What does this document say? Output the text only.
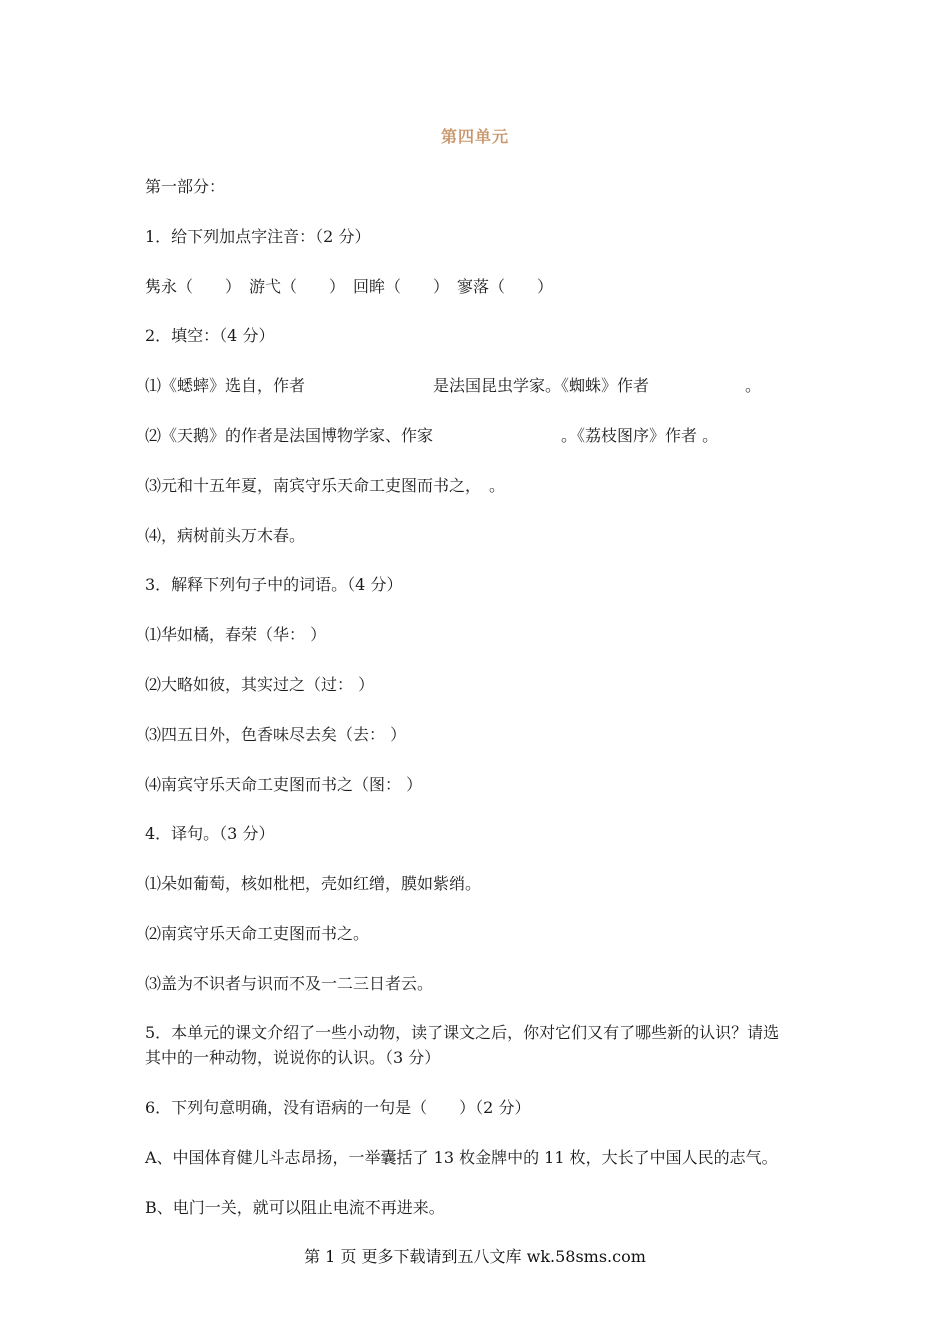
第四单元
第一部分：
1．给下列加点字注音：（2 分）
隽永（　　）　游弋（　　）　回眸（　　）　寥落（　　）
2．填空：（4 分）
⑴《蟋蟀》选自，作者　　　　　　　　是法国昆虫学家。《蜘蛛》作者　　　　　　。
⑵《天鹅》的作者是法国博物学家、作家　　　　　　　　。《荔枝图序》作者 。
⑶元和十五年夏，南宾守乐天命工吏图而书之，　。
⑷，病树前头万木春。
3．解释下列句子中的词语。（4 分）
⑴华如橘，春荣（华： ）
⑵大略如彼，其实过之（过： ）
⑶四五日外，色香味尽去矣（去： ）
⑷南宾守乐天命工吏图而书之（图： ）
4．译句。（3 分）
⑴朵如葡萄，核如枇杷，壳如红缯，膜如紫绡。
⑵南宾守乐天命工吏图而书之。
⑶盖为不识者与识而不及一二三日者云。
5．本单元的课文介绍了一些小动物，读了课文之后，你对它们又有了哪些新的认识？请选
其中的一种动物，说说你的认识。（3 分）
6．下列句意明确，没有语病的一句是（　　）（2 分）
A、中国体育健儿斗志昂扬，一举囊括了 13 枚金牌中的 11 枚，大长了中国人民的志气。
B、电门一关，就可以阻止电流不再进来。
第 1 页 更多下载请到五八文库 wk.58sms.com
